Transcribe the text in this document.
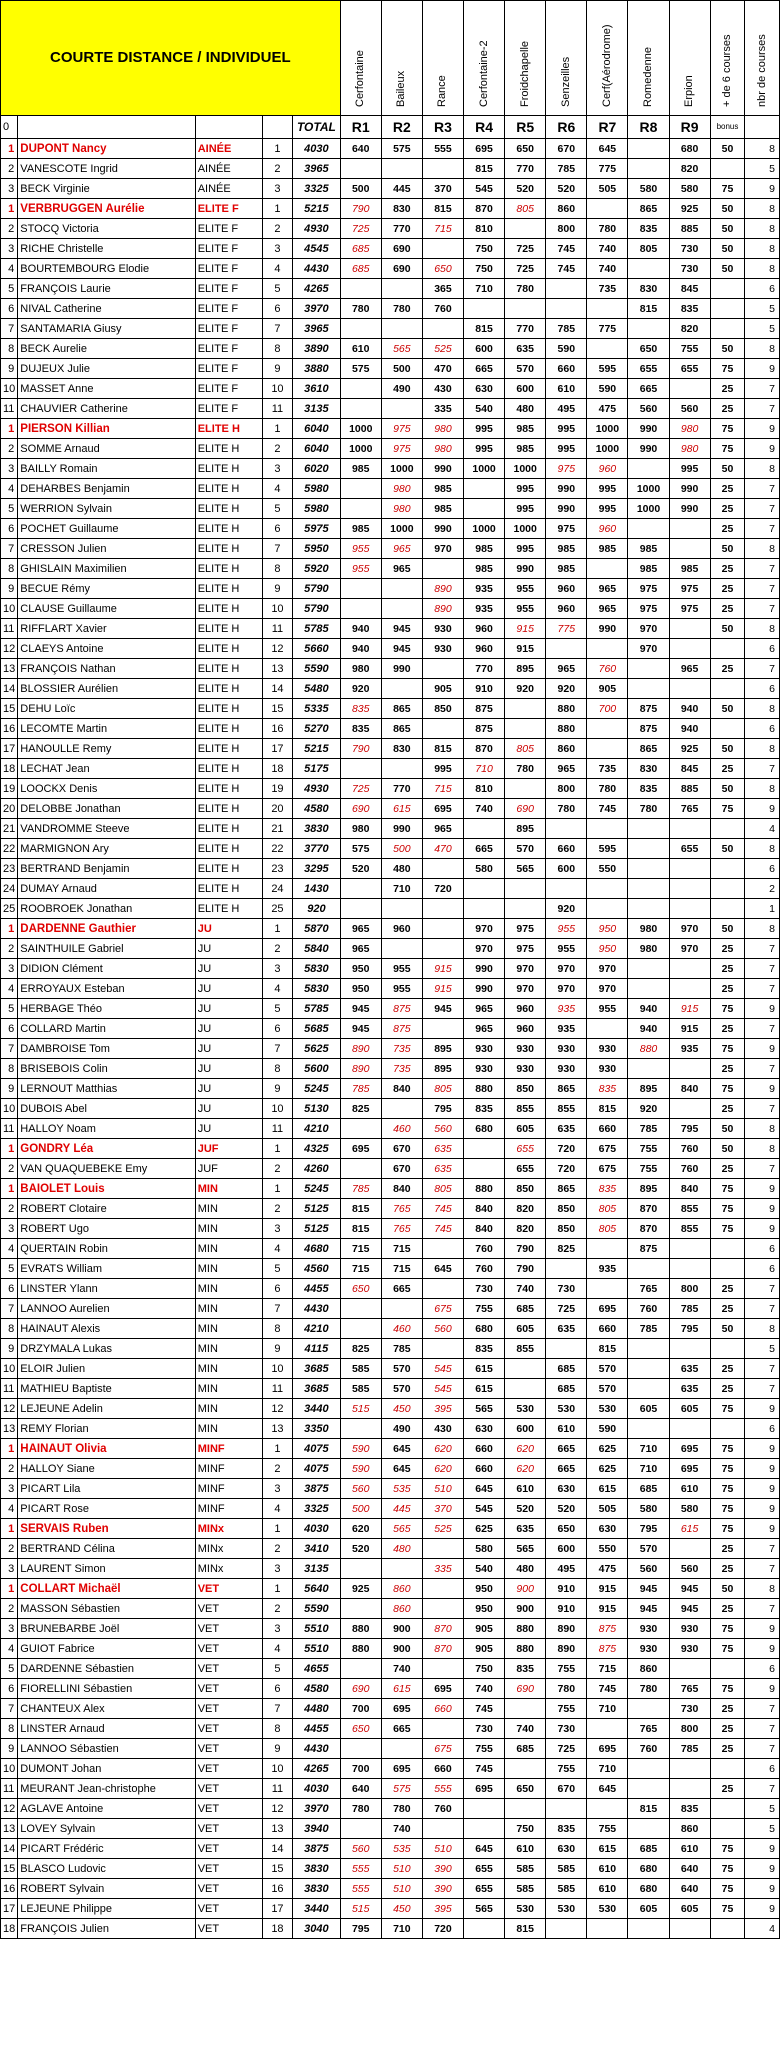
COURTE DISTANCE / INDIVIDUEL					Cerfontaine	Baileux	Rance	Cerfontaine-2	Froidchapelle	Senzeilles	Cerf(Aérodrome)	Romedenne	Erpion	+ de 6 courses	nbr de courses
0				TOTAL	R1	R2	R3	R4	R5	R6	R7	R8	R9	bonus	
1	DUPONT Nancy	AINÉE	1	4030	640	575	555	695	650	670	645		680	50	8
2	VANESCOTE Ingrid	AINÉE	2	3965				815	770	785	775		820		5
3	BECK Virginie	AINÉE	3	3325	500	445	370	545	520	520	505	580	580	75	9
1	VERBRUGGEN Aurélie	ELITE F	1	5215	790	830	815	870	805	860		865	925	50	8
2	STOCQ Victoria	ELITE F	2	4930	725	770	715	810		800	780	835	885	50	8
3	RICHE Christelle	ELITE F	3	4545	685	690		750	725	745	740	805	730	50	8
4	BOURTEMBOURG Elodie	ELITE F	4	4430	685	690	650	750	725	745	740		730	50	8
5	FRANÇOIS Laurie	ELITE F	5	4265			365	710	780		735	830	845		6
6	NIVAL Catherine	ELITE F	6	3970	780	780	760					815	835		5
7	SANTAMARIA Giusy	ELITE F	7	3965				815	770	785	775		820		5
8	BECK Aurelie	ELITE F	8	3890	610	565	525	600	635	590		650	755	50	8
9	DUJEUX Julie	ELITE F	9	3880	575	500	470	665	570	660	595	655	655	75	9
10	MASSET Anne	ELITE F	10	3610		490	430	630	600	610	590	665		25	7
11	CHAUVIER Catherine	ELITE F	11	3135			335	540	480	495	475	560	560	25	7
1	PIERSON Killian	ELITE H	1	6040	1000	975	980	995	985	995	1000	990	980	75	9
2	SOMME Arnaud	ELITE H	2	6040	1000	975	980	995	985	995	1000	990	980	75	9
3	BAILLY Romain	ELITE H	3	6020	985	1000	990	1000	1000	975	960		995	50	8
4	DEHARBES Benjamin	ELITE H	4	5980		980	985		995	990	995	1000	990	25	7
5	WERRION Sylvain	ELITE H	5	5980		980	985		995	990	995	1000	990	25	7
6	POCHET Guillaume	ELITE H	6	5975	985	1000	990	1000	1000	975	960			25	7
7	CRESSON Julien	ELITE H	7	5950	955	965	970	985	995	985	985	985		50	8
8	GHISLAIN Maximilien	ELITE H	8	5920	955	965		985	990	985		985	985	25	7
9	BECUE Rémy	ELITE H	9	5790			890	935	955	960	965	975	975	25	7
10	CLAUSE Guillaume	ELITE H	10	5790			890	935	955	960	965	975	975	25	7
11	RIFFLART Xavier	ELITE H	11	5785	940	945	930	960	915	775	990	970		50	8
12	CLAEYS Antoine	ELITE H	12	5660	940	945	930	960	915			970			6
13	FRANÇOIS Nathan	ELITE H	13	5590	980	990		770	895	965	760		965	25	7
14	BLOSSIER Aurélien	ELITE H	14	5480	920		905	910	920	920	905				6
15	DEHU Loïc	ELITE H	15	5335	835	865	850	875		880	700	875	940	50	8
16	LECOMTE Martin	ELITE H	16	5270	835	865		875		880		875	940		6
17	HANOULLE Remy	ELITE H	17	5215	790	830	815	870	805	860		865	925	50	8
18	LECHAT Jean	ELITE H	18	5175			995	710	780	965	735	830	845	25	7
19	LOOCKX Denis	ELITE H	19	4930	725	770	715	810		800	780	835	885	50	8
20	DELOBBE Jonathan	ELITE H	20	4580	690	615	695	740	690	780	745	780	765	75	9
21	VANDROMME Steeve	ELITE H	21	3830	980	990	965		895						4
22	MARMIGNON Ary	ELITE H	22	3770	575	500	470	665	570	660	595		655	50	8
23	BERTRAND Benjamin	ELITE H	23	3295	520	480		580	565	600	550				6
24	DUMAY Arnaud	ELITE H	24	1430		710	720								2
25	ROOBROEK Jonathan	ELITE H	25	920						920					1
1	DARDENNE Gauthier	JU	1	5870	965	960		970	975	955	950	980	970	50	8
2	SAINTHUILE Gabriel	JU	2	5840	965			970	975	955	950	980	970	25	7
3	DIDION Clément	JU	3	5830	950	955	915	990	970	970	970			25	7
4	ERROYAUX Esteban	JU	4	5830	950	955	915	990	970	970	970			25	7
5	HERBAGE Théo	JU	5	5785	945	875	945	965	960	935	955	940	915	75	9
6	COLLARD Martin	JU	6	5685	945	875		965	960	935		940	915	25	7
7	DAMBROISE Tom	JU	7	5625	890	735	895	930	930	930	930	880	935	75	9
8	BRISEBOIS Colin	JU	8	5600	890	735	895	930	930	930	930			25	7
9	LERNOUT Matthias	JU	9	5245	785	840	805	880	850	865	835	895	840	75	9
10	DUBOIS Abel	JU	10	5130	825		795	835	855	855	815	920		25	7
11	HALLOY Noam	JU	11	4210		460	560	680	605	635	660	785	795	50	8
1	GONDRY Léa	JUF	1	4325	695	670	635		655	720	675	755	760	50	8
2	VAN QUAQUEBEKE Emy	JUF	2	4260		670	635		655	720	675	755	760	25	7
1	BAIOLET Louis	MIN	1	5245	785	840	805	880	850	865	835	895	840	75	9
2	ROBERT Clotaire	MIN	2	5125	815	765	745	840	820	850	805	870	855	75	9
3	ROBERT Ugo	MIN	3	5125	815	765	745	840	820	850	805	870	855	75	9
4	QUERTAIN Robin	MIN	4	4680	715	715		760	790	825		875			6
5	EVRATS William	MIN	5	4560	715	715	645	760	790		935				6
6	LINSTER Ylann	MIN	6	4455	650	665		730	740	730		765	800	25	7
7	LANNOO Aurelien	MIN	7	4430			675	755	685	725	695	760	785	25	7
8	HAINAUT Alexis	MIN	8	4210		460	560	680	605	635	660	785	795	50	8
9	DRZYMALA Lukas	MIN	9	4115	825	785		835	855		815				5
10	ELOIR Julien	MIN	10	3685	585	570	545	615		685	570		635	25	7
11	MATHIEU Baptiste	MIN	11	3685	585	570	545	615		685	570		635	25	7
12	LEJEUNE Adelin	MIN	12	3440	515	450	395	565	530	530	530	605	605	75	9
13	REMY Florian	MIN	13	3350		490	430	630	600	610	590				6
1	HAINAUT Olivia	MINF	1	4075	590	645	620	660	620	665	625	710	695	75	9
2	HALLOY Siane	MINF	2	4075	590	645	620	660	620	665	625	710	695	75	9
3	PICART Lila	MINF	3	3875	560	535	510	645	610	630	615	685	610	75	9
4	PICART Rose	MINF	4	3325	500	445	370	545	520	520	505	580	580	75	9
1	SERVAIS Ruben	MINx	1	4030	620	565	525	625	635	650	630	795	615	75	9
2	BERTRAND Célina	MINx	2	3410	520	480		580	565	600	550	570		25	7
3	LAURENT Simon	MINx	3	3135			335	540	480	495	475	560	560	25	7
1	COLLART Michaël	VET	1	5640	925	860		950	900	910	915	945	945	50	8
2	MASSON Sébastien	VET	2	5590		860		950	900	910	915	945	945	25	7
3	BRUNEBARBE Joël	VET	3	5510	880	900	870	905	880	890	875	930	930	75	9
4	GUIOT Fabrice	VET	4	5510	880	900	870	905	880	890	875	930	930	75	9
5	DARDENNE Sébastien	VET	5	4655		740		750	835	755	715	860			6
6	FIORELLINI Sébastien	VET	6	4580	690	615	695	740	690	780	745	780	765	75	9
7	CHANTEUX Alex	VET	7	4480	700	695	660	745		755	710		730	25	7
8	LINSTER Arnaud	VET	8	4455	650	665		730	740	730		765	800	25	7
9	LANNOO Sébastien	VET	9	4430			675	755	685	725	695	760	785	25	7
10	DUMONT Johan	VET	10	4265	700	695	660	745		755	710				6
11	MEURANT Jean-christophe	VET	11	4030	640	575	555	695	650	670	645			25	7
12	AGLAVE Antoine	VET	12	3970	780	780	760					815	835		5
13	LOVEY Sylvain	VET	13	3940		740			750	835	755		860		5
14	PICART Frédéric	VET	14	3875	560	535	510	645	610	630	615	685	610	75	9
15	BLASCO Ludovic	VET	15	3830	555	510	390	655	585	585	610	680	640	75	9
16	ROBERT Sylvain	VET	16	3830	555	510	390	655	585	585	610	680	640	75	9
17	LEJEUNE Philippe	VET	17	3440	515	450	395	565	530	530	530	605	605	75	9
18	FRANÇOIS Julien	VET	18	3040	795	710	720		815						4
